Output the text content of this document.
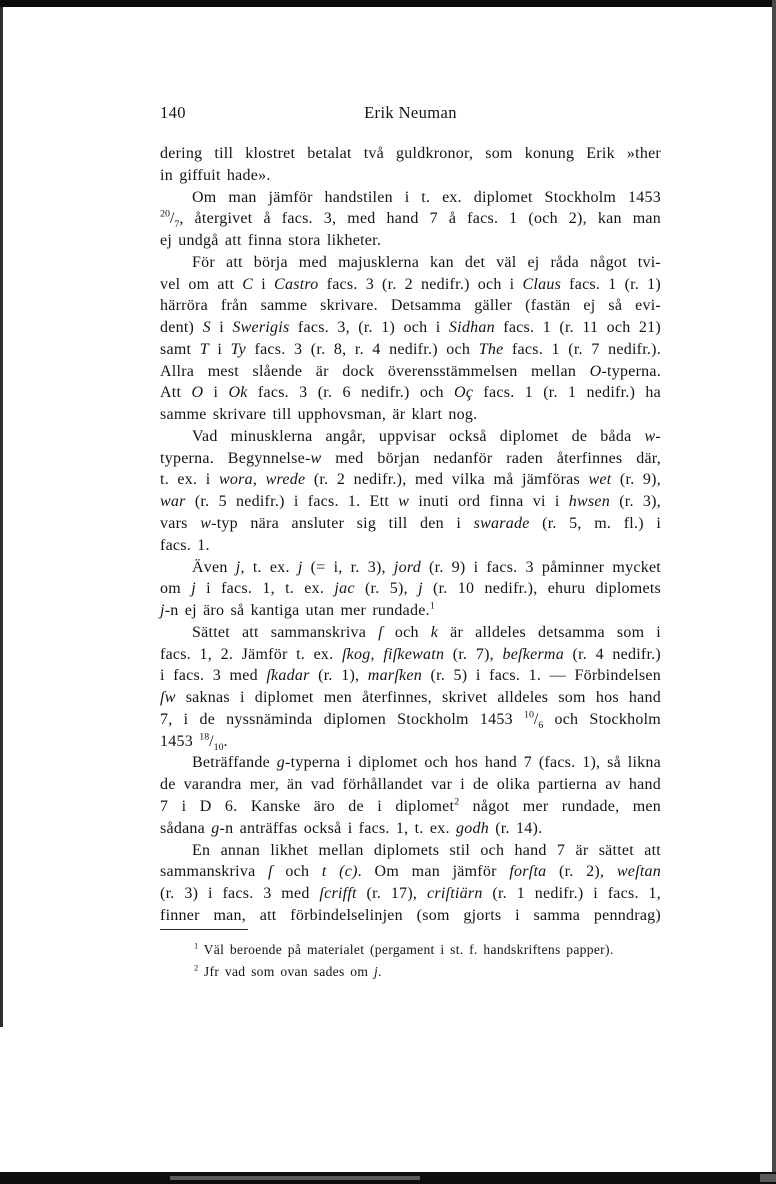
140	Erik Neuman
dering till klostret betalat två guldkronor, som konung Erik »ther
in giffuit hade».
Om man jämför handstilen i t. ex. diplomet Stockholm 1453
$^{20}/_7$, återgivet å facs. 3, med hand 7 å facs. 1 (och 2), kan man
ej undgå att finna stora likheter.
För att börja med majusklerna kan det väl ej råda något tvi-
vel om att C i Castro facs. 3 (r. 2 nedifr.) och i Claus facs. 1 (r. 1)
härröra från samme skrivare. Detsamma gäller (fastän ej så evi-
dent) S i Swerigis facs. 3, (r. 1) och i Sidhan facs. 1 (r. 11 och 21)
samt T i Ty facs. 3 (r. 8, r. 4 nedifr.) och The facs. 1 (r. 7 nedifr.).
Allra mest slående är dock överensstämmelsen mellan O-typerna.
Att O i Ok facs. 3 (r. 6 nedifr.) och Oç facs. 1 (r. 1 nedifr.) ha
samme skrivare till upphovsman, är klart nog.
Vad minusklerna angår, uppvisar också diplomet de båda w-
typerna. Begynnelse-w med början nedanför raden återfinnes där,
t. ex. i wora, wrede (r. 2 nedifr.), med vilka må jämföras wet (r. 9),
war (r. 5 nedifr.) i facs. 1. Ett w inuti ord finna vi i hwsen (r. 3),
vars w-typ nära ansluter sig till den i swarade (r. 5, m. fl.) i
facs. 1.
Även j, t. ex. j (= i, r. 3), jord (r. 9) i facs. 3 påminner mycket
om j i facs. 1, t. ex. jac (r. 5), j (r. 10 nedifr.), ehuru diplomets
j-n ej äro så kantiga utan mer rundade.$^1$
Sättet att sammanskriva ſ och k är alldeles detsamma som i
facs. 1, 2. Jämför t. ex. ſkog, fiſkewatn (r. 7), beſkerma (r. 4 nedifr.)
i facs. 3 med ſkadar (r. 1), marſken (r. 5) i facs. 1. — Förbindelsen
ſw saknas i diplomet men återfinnes, skrivet alldeles som hos hand
7, i de nyssnäminda diplomen Stockholm 1453 $^{10}/_6$ och Stockholm
1453 $^{18}/_{10}$.
Beträffande g-typerna i diplomet och hos hand 7 (facs. 1), så likna
de varandra mer, än vad förhållandet var i de olika partierna av hand
7 i D 6. Kanske äro de i diplomet$^2$ något mer rundade, men
sådana g-n anträffas också i facs. 1, t. ex. godh (r. 14).
En annan likhet mellan diplomets stil och hand 7 är sättet att
sammanskriva ſ och t (c). Om man jämför forſta (r. 2), weſtan
(r. 3) i facs. 3 med ſcrifft (r. 17), criſtiärn (r. 1 nedifr.) i facs. 1,
finner man, att förbindelselinjen (som gjorts i samma penndrag)
$^1$ Väl beroende på materialet (pergament i st. f. handskriftens papper).
$^2$ Jfr vad som ovan sades om j.
